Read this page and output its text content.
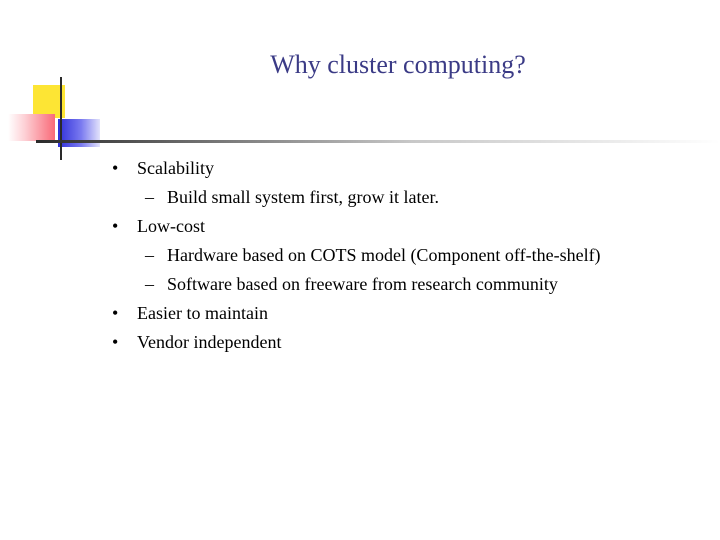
Why cluster computing?
•	Scalability
– Build small system first, grow it later.
•	Low-cost
– Hardware based on COTS model (Component off-the-shelf)
– Software based on freeware from research community
•	Easier to maintain
•	Vendor independent
